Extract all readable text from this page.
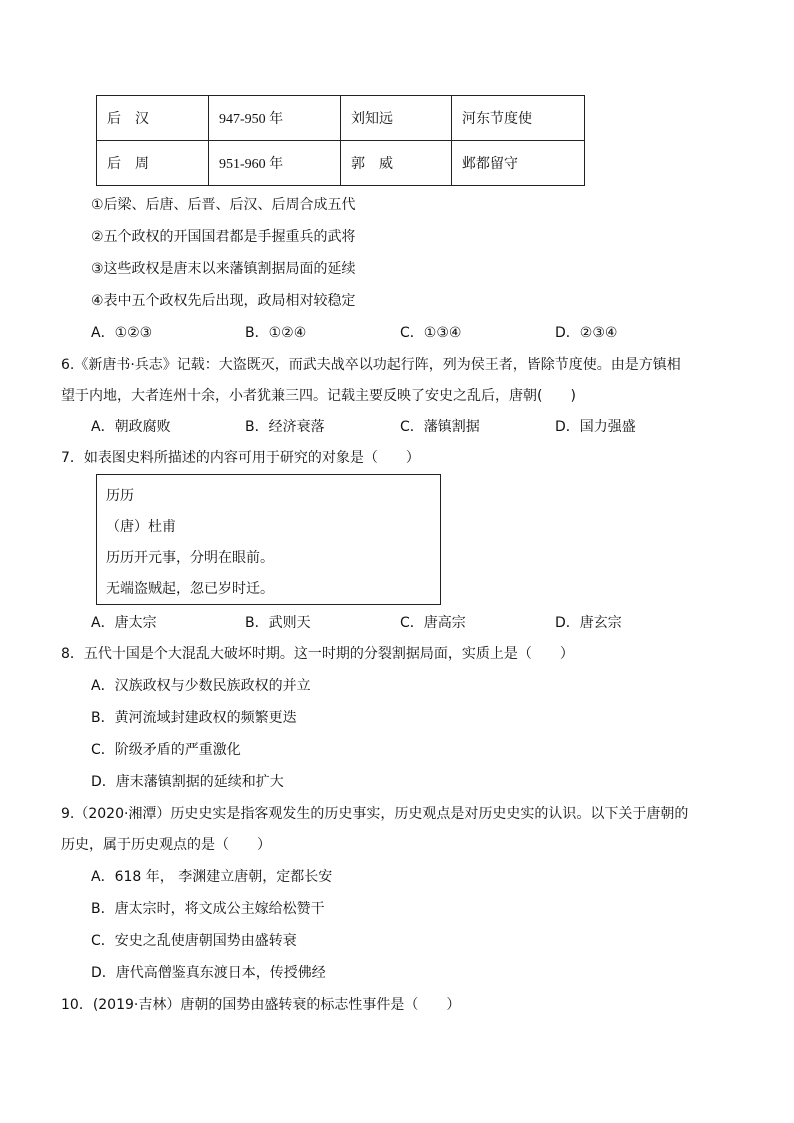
后　汉	947-950 年	刘知远	河东节度使
后　周	951-960 年	郭　威	邺都留守
①后梁、后唐、后晋、后汉、后周合成五代
②五个政权的开国国君都是手握重兵的武将
③这些政权是唐末以来藩镇割据局面的延续
④表中五个政权先后出现，政局相对较稳定
A．①②③	B．①②④	C．①③④	D．②③④
6.《新唐书·兵志》记载：大盗既灭，而武夫战卒以功起行阵，列为侯王者，皆除节度使。由是方镇相
望于内地，大者连州十余，小者犹兼三四。记载主要反映了安史之乱后，唐朝(　　)
A．朝政腐败	B．经济衰落	C．藩镇割据	D．国力强盛
7．如表图史料所描述的内容可用于研究的对象是（　　）
历历
（唐）杜甫
历历开元事，分明在眼前。
无端盗贼起，忽已岁时迁。
A．唐太宗	B．武则天	C．唐高宗	D．唐玄宗
8．五代十国是个大混乱大破坏时期。这一时期的分裂割据局面，实质上是（　　）
A．汉族政权与少数民族政权的并立
B．黄河流域封建政权的频繁更迭
C．阶级矛盾的严重激化
D．唐末藩镇割据的延续和扩大
9.（2020·湘潭）历史史实是指客观发生的历史事实，历史观点是对历史史实的认识。以下关于唐朝的
历史，属于历史观点的是（　　）
A．618 年， 李渊建立唐朝，定都长安
B．唐太宗时，将文成公主嫁给松赞干
C．安史之乱使唐朝国势由盛转衰
D．唐代高僧鉴真东渡日本，传授佛经
10．(2019·吉林）唐朝的国势由盛转衰的标志性事件是（　　）
